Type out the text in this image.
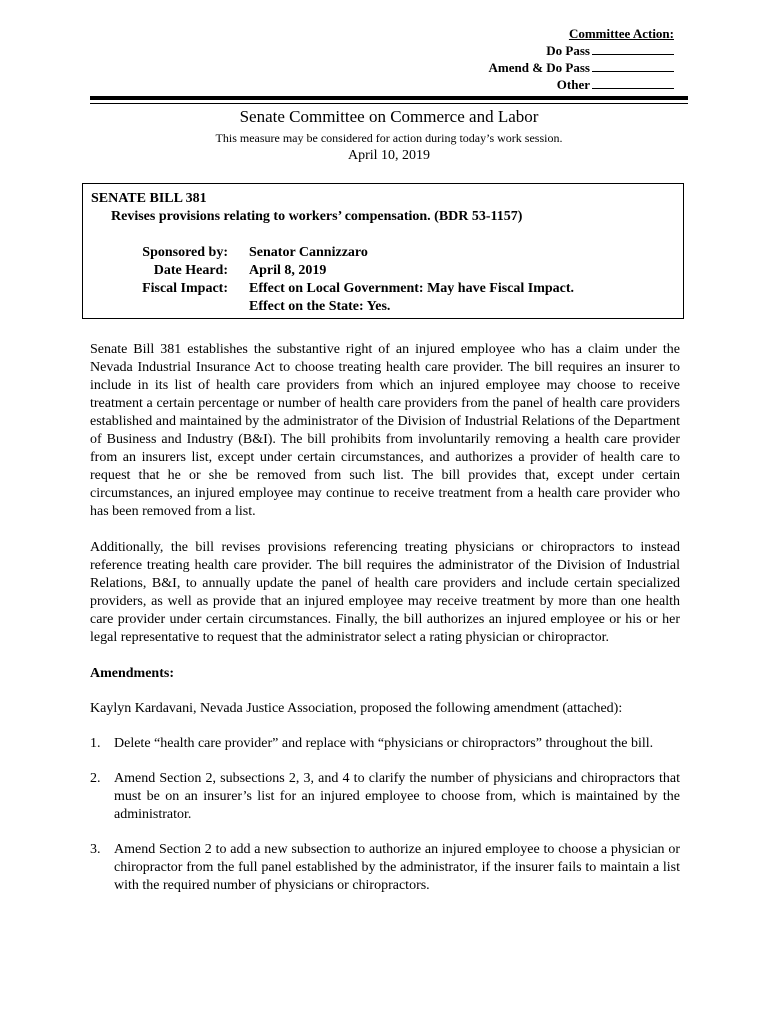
Committee Action:
Do Pass
Amend & Do Pass
Other
Senate Committee on Commerce and Labor
This measure may be considered for action during today’s work session.
April 10, 2019
SENATE BILL 381
Revises provisions relating to workers’ compensation. (BDR 53-1157)
Sponsored by: Senator Cannizzaro
Date Heard: April 8, 2019
Fiscal Impact: Effect on Local Government: May have Fiscal Impact.
Effect on the State: Yes.

Senate Bill 381 establishes the substantive right of an injured employee who has a claim under the Nevada Industrial Insurance Act to choose treating health care provider. The bill requires an insurer to include in its list of health care providers from which an injured employee may choose to receive treatment a certain percentage or number of health care providers from the panel of health care providers established and maintained by the administrator of the Division of Industrial Relations of the Department of Business and Industry (B&I). The bill prohibits from involuntarily removing a health care provider from an insurers list, except under certain circumstances, and authorizes a provider of health care to request that he or she be removed from such list. The bill provides that, except under certain circumstances, an injured employee may continue to receive treatment from a health care provider who has been removed from a list.

Additionally, the bill revises provisions referencing treating physicians or chiropractors to instead reference treating health care provider. The bill requires the administrator of the Division of Industrial Relations, B&I, to annually update the panel of health care providers and include certain specialized providers, as well as provide that an injured employee may receive treatment by more than one health care provider under certain circumstances. Finally, the bill authorizes an injured employee or his or her legal representative to request that the administrator select a rating physician or chiropractor.

Amendments:

Kaylyn Kardavani, Nevada Justice Association, proposed the following amendment (attached):

1. Delete “health care provider” and replace with “physicians or chiropractors” throughout the bill.
2. Amend Section 2, subsections 2, 3, and 4 to clarify the number of physicians and chiropractors that must be on an insurer’s list for an injured employee to choose from, which is maintained by the administrator.
3. Amend Section 2 to add a new subsection to authorize an injured employee to choose a physician or chiropractor from the full panel established by the administrator, if the insurer fails to maintain a list with the required number of physicians or chiropractors.
